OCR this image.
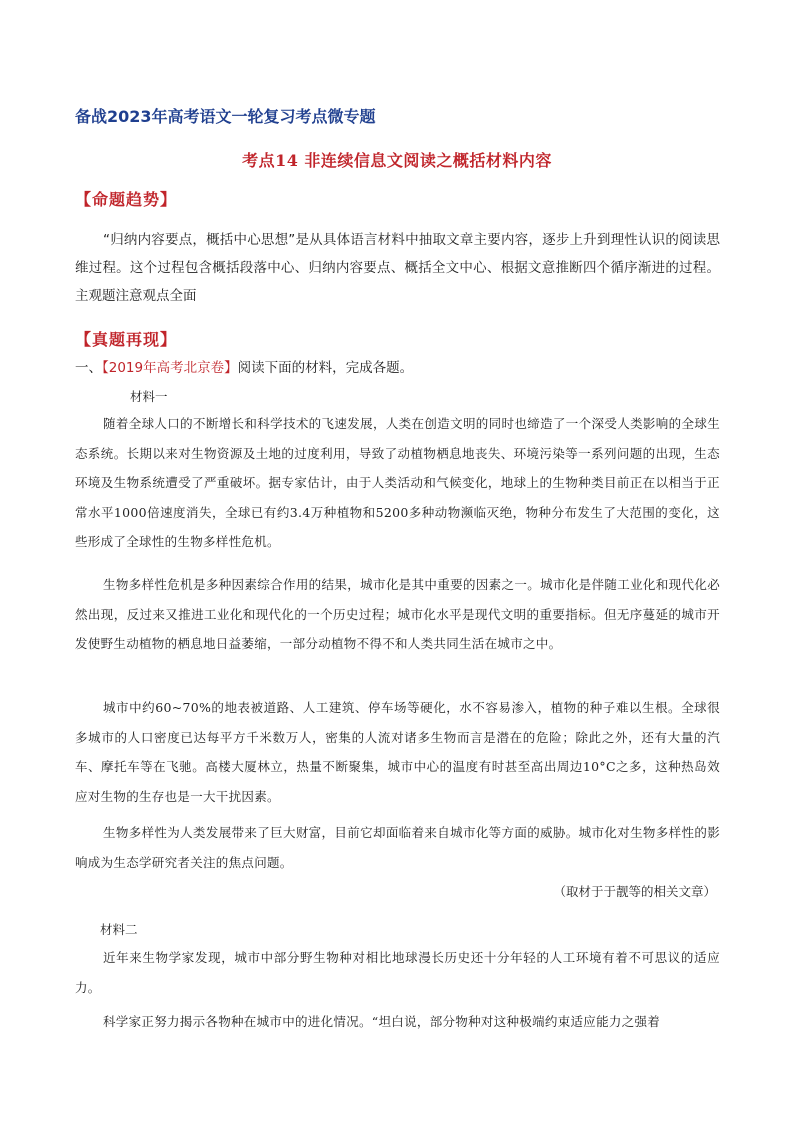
备战2023年高考语文一轮复习考点微专题
考点14 非连续信息文阅读之概括材料内容
【命题趋势】
“归纳内容要点，概括中心思想”是从具体语言材料中抽取文章主要内容，逐步上升到理性认识的阅读思维过程。这个过程包含概括段落中心、归纳内容要点、概括全文中心、根据文意推断四个循序渐进的过程。主观题注意观点全面
【真题再现】
一、【2019年高考北京卷】阅读下面的材料，完成各题。
材料一
随着全球人口的不断增长和科学技术的飞速发展，人类在创造文明的同时也缔造了一个深受人类影响的全球生态系统。长期以来对生物资源及土地的过度利用，导致了动植物栖息地丧失、环境污染等一系列问题的出现，生态环境及生物系统遭受了严重破坏。据专家估计，由于人类活动和气候变化，地球上的生物种类目前正在以相当于正常水平1000倍速度消失，全球已有约3.4万种植物和5200多种动物濒临灭绝，物种分布发生了大范围的变化，这些形成了全球性的生物多样性危机。
生物多样性危机是多种因素综合作用的结果，城市化是其中重要的因素之一。城市化是伴随工业化和现代化必然出现，反过来又推进工业化和现代化的一个历史过程；城市化水平是现代文明的重要指标。但无序蔓延的城市开发使野生动植物的栖息地日益萎缩，一部分动植物不得不和人类共同生活在城市之中。
城市中约60~70%的地表被道路、人工建筑、停车场等硬化，水不容易渗入，植物的种子难以生根。全球很多城市的人口密度已达每平方千米数万人，密集的人流对诸多生物而言是潜在的危险；除此之外，还有大量的汽车、摩托车等在飞驰。高楼大厦林立，热量不断聚集，城市中心的温度有时甚至高出周边10°C之多，这种热岛效应对生物的生存也是一大干扰因素。
生物多样性为人类发展带来了巨大财富，目前它却面临着来自城市化等方面的威胁。城市化对生物多样性的影响成为生态学研究者关注的焦点问题。
（取材于于靓等的相关文章）
材料二
近年来生物学家发现，城市中部分野生物种对相比地球漫长历史还十分年轻的人工环境有着不可思议的适应力。
科学家正努力揭示各物种在城市中的进化情况。“坦白说，部分物种对这种极端约束适应能力之强着
